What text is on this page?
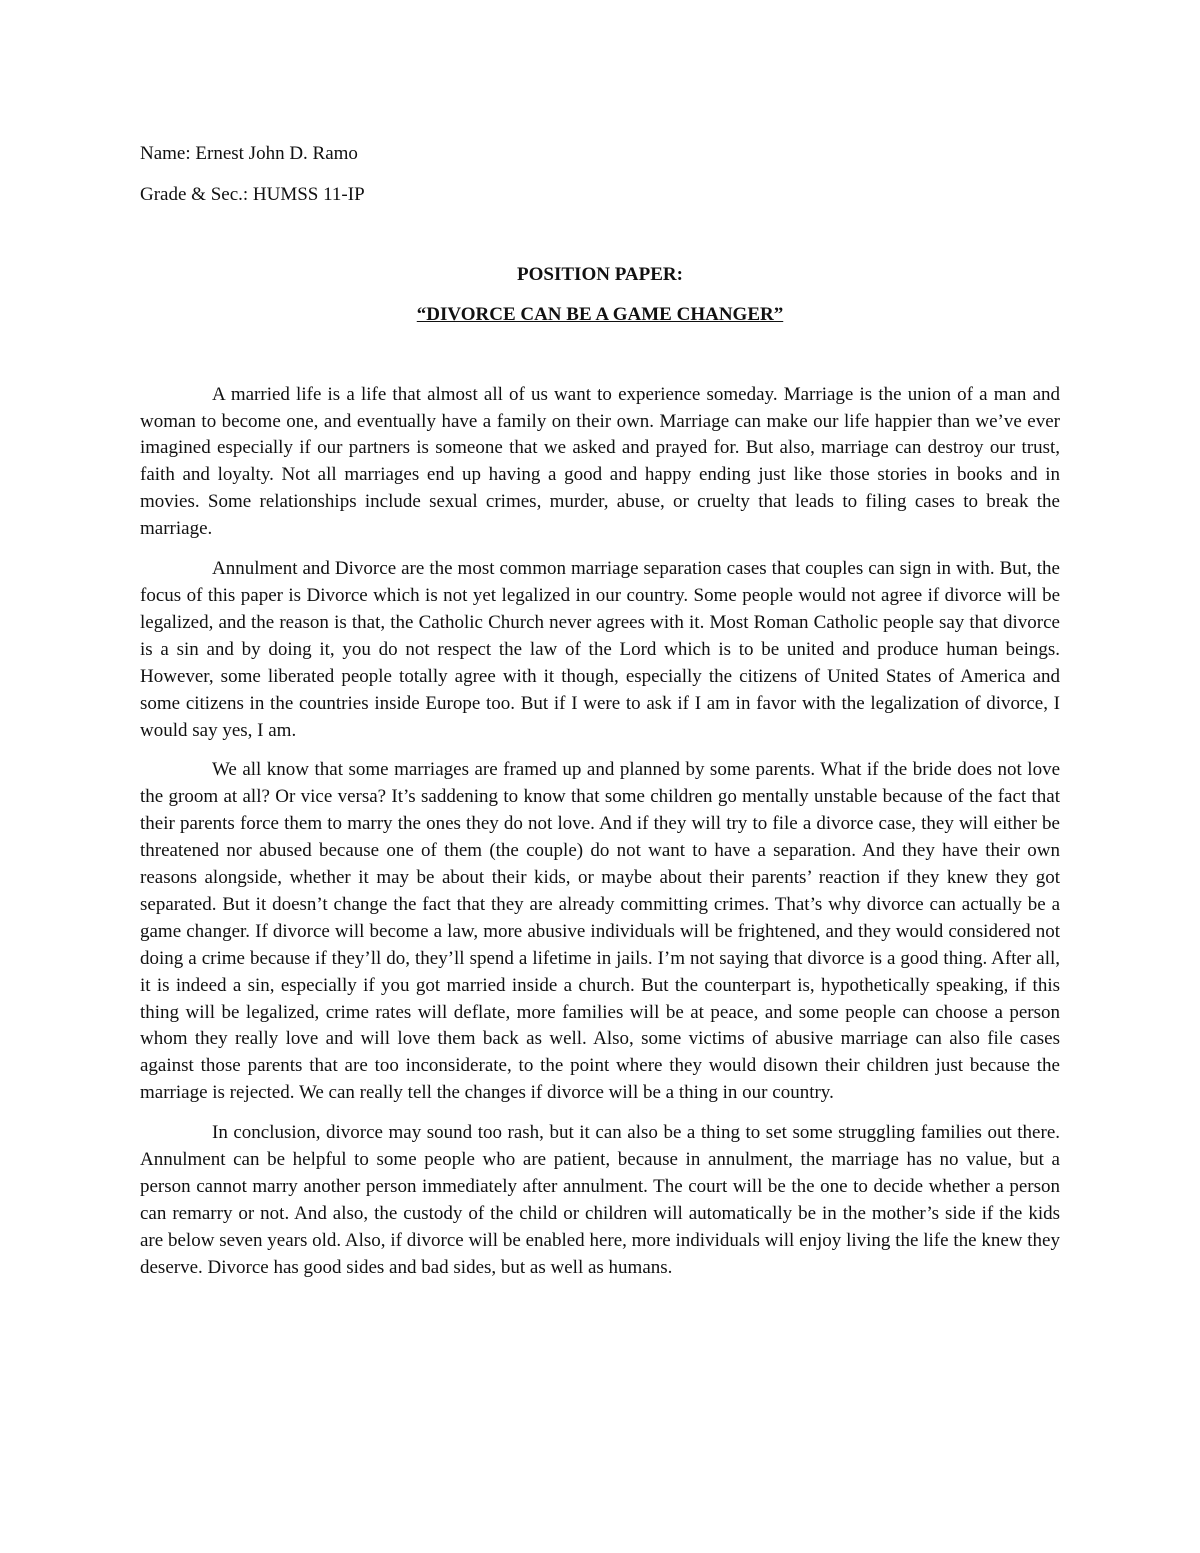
Name: Ernest John D. Ramo

Grade & Sec.: HUMSS 11-IP

POSITION PAPER:

“DIVORCE CAN BE A GAME CHANGER”

A married life is a life that almost all of us want to experience someday. Marriage is the union of a man and woman to become one, and eventually have a family on their own. Marriage can make our life happier than we’ve ever imagined especially if our partners is someone that we asked and prayed for. But also, marriage can destroy our trust, faith and loyalty. Not all marriages end up having a good and happy ending just like those stories in books and in movies. Some relationships include sexual crimes, murder, abuse, or cruelty that leads to filing cases to break the marriage.

Annulment and Divorce are the most common marriage separation cases that couples can sign in with. But, the focus of this paper is Divorce which is not yet legalized in our country. Some people would not agree if divorce will be legalized, and the reason is that, the Catholic Church never agrees with it. Most Roman Catholic people say that divorce is a sin and by doing it, you do not respect the law of the Lord which is to be united and produce human beings. However, some liberated people totally agree with it though, especially the citizens of United States of America and some citizens in the countries inside Europe too. But if I were to ask if I am in favor with the legalization of divorce, I would say yes, I am.

We all know that some marriages are framed up and planned by some parents. What if the bride does not love the groom at all? Or vice versa? It’s saddening to know that some children go mentally unstable because of the fact that their parents force them to marry the ones they do not love. And if they will try to file a divorce case, they will either be threatened nor abused because one of them (the couple) do not want to have a separation. And they have their own reasons alongside, whether it may be about their kids, or maybe about their parents’ reaction if they knew they got separated. But it doesn’t change the fact that they are already committing crimes. That’s why divorce can actually be a game changer. If divorce will become a law, more abusive individuals will be frightened, and they would considered not doing a crime because if they’ll do, they’ll spend a lifetime in jails. I’m not saying that divorce is a good thing. After all, it is indeed a sin, especially if you got married inside a church. But the counterpart is, hypothetically speaking, if this thing will be legalized, crime rates will deflate, more families will be at peace, and some people can choose a person whom they really love and will love them back as well. Also, some victims of abusive marriage can also file cases against those parents that are too inconsiderate, to the point where they would disown their children just because the marriage is rejected. We can really tell the changes if divorce will be a thing in our country.

In conclusion, divorce may sound too rash, but it can also be a thing to set some struggling families out there. Annulment can be helpful to some people who are patient, because in annulment, the marriage has no value, but a person cannot marry another person immediately after annulment. The court will be the one to decide whether a person can remarry or not. And also, the custody of the child or children will automatically be in the mother’s side if the kids are below seven years old. Also, if divorce will be enabled here, more individuals will enjoy living the life the knew they deserve. Divorce has good sides and bad sides, but as well as humans.
